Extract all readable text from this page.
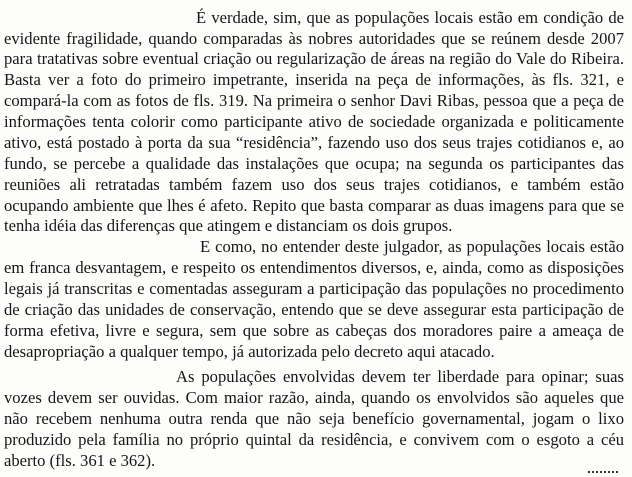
É verdade, sim, que as populações locais estão em condição de

evidente fragilidade, quando comparadas às nobres autoridades que se reúnem desde 2007

para tratativas sobre eventual criação ou regularização de áreas na região do Vale do Ribeira.

Basta ver a foto do primeiro impetrante, inserida na peça de informações, às fls. 321, e

compará-la com as fotos de fls. 319. Na primeira o senhor Davi Ribas, pessoa que a peça de

informações tenta colorir como participante ativo de sociedade organizada e politicamente

ativo, está postado à porta da sua “residência”, fazendo uso dos seus trajes cotidianos e, ao

fundo, se percebe a qualidade das instalações que ocupa; na segunda os participantes das

reuniões ali retratadas também fazem uso dos seus trajes cotidianos, e também estão

ocupando ambiente que lhes é afeto. Repito que basta comparar as duas imagens para que se

tenha idéia das diferenças que atingem e distanciam os dois grupos.

E como, no entender deste julgador, as populações locais estão

em franca desvantagem, e respeito os entendimentos diversos, e, ainda, como as disposições

legais já transcritas e comentadas asseguram a participação das populações no procedimento

de criação das unidades de conservação, entendo que se deve assegurar esta participação de

forma efetiva, livre e segura, sem que sobre as cabeças dos moradores paire a ameaça de

desapropriação a qualquer tempo, já autorizada pelo decreto aqui atacado.

As populações envolvidas devem ter liberdade para opinar; suas

vozes devem ser ouvidas. Com maior razão, ainda, quando os envolvidos são aqueles que

não recebem nenhuma outra renda que não seja benefício governamental, jogam o lixo

produzido pela família no próprio quintal da residência, e convivem com o esgoto a céu

aberto (fls. 361 e 362).
